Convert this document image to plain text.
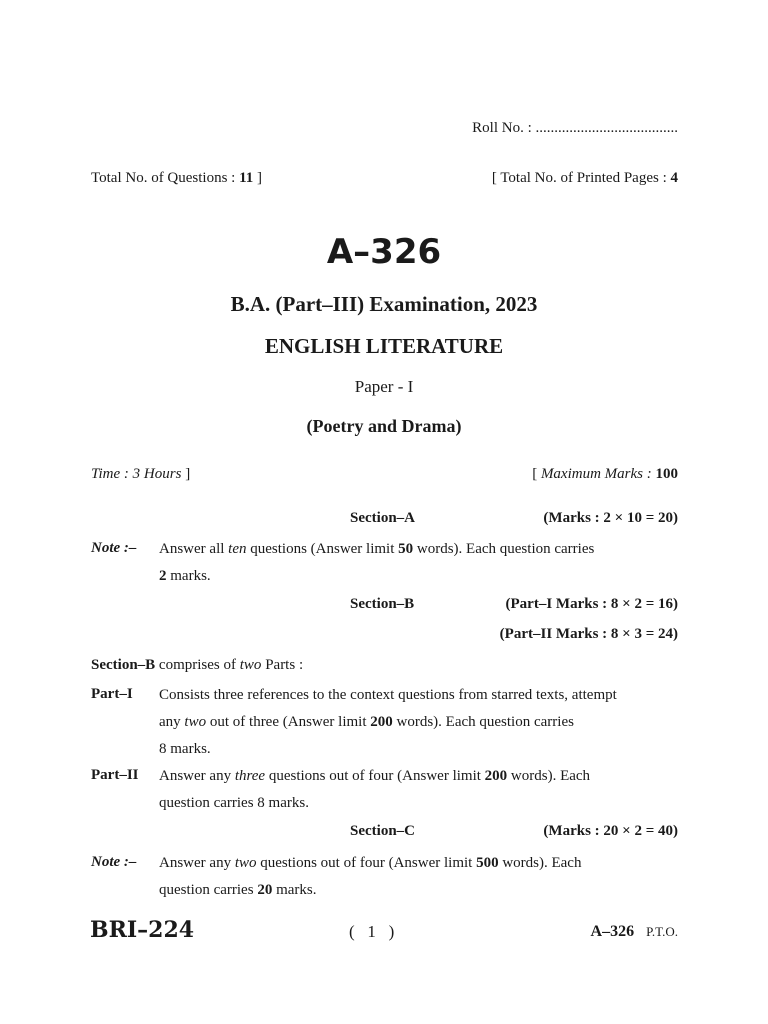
Roll No. : ......................................
Total No. of Questions : 11 ]	[ Total No. of Printed Pages : 4
A–326
B.A. (Part–III) Examination, 2023
ENGLISH LITERATURE
Paper - I
(Poetry and Drama)
Time : 3 Hours ]	[ Maximum Marks : 100
Section–A	(Marks : 2 × 10 = 20)
Note :– Answer all ten questions (Answer limit 50 words). Each question carries
2 marks.
Section–B	(Part–I Marks : 8 × 2 = 16)
(Part–II Marks : 8 × 3 = 24)
Section–B comprises of two Parts :
Part–I Consists three references to the context questions from starred texts, attempt
any two out of three (Answer limit 200 words). Each question carries
8 marks.
Part–II Answer any three questions out of four (Answer limit 200 words). Each
question carries 8 marks.
Section–C	(Marks : 20 × 2 = 40)
Note :– Answer any two questions out of four (Answer limit 500 words). Each
question carries 20 marks.
BRI–224	(   1   )	A–326 P.T.O.
